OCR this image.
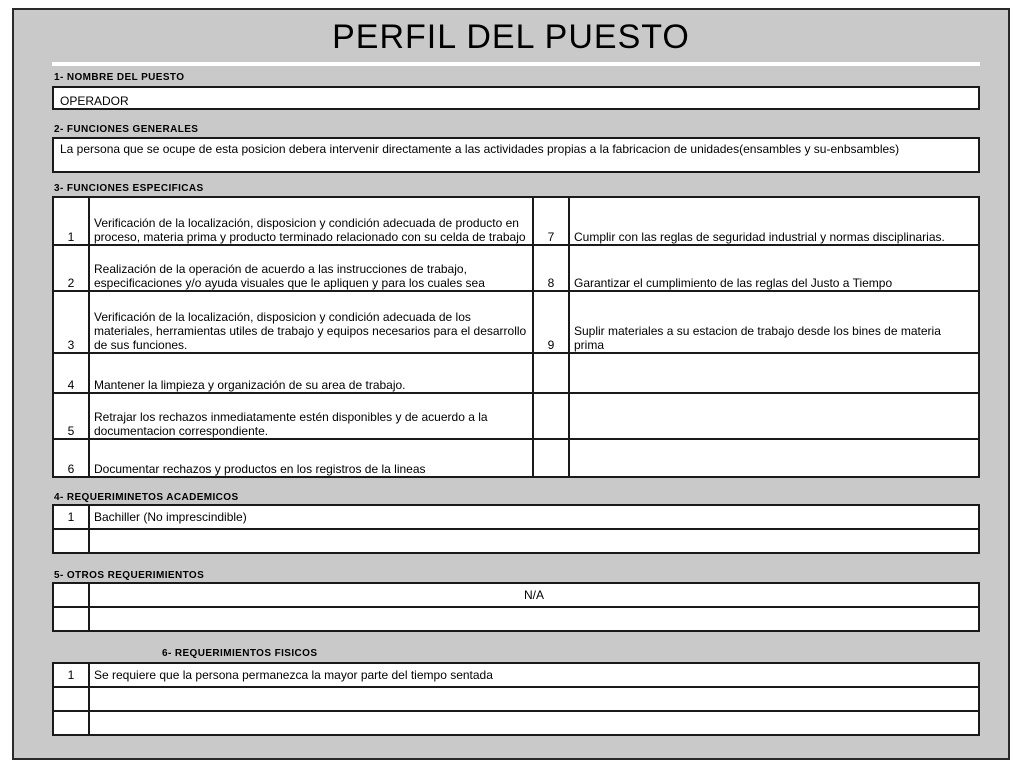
PERFIL DEL PUESTO
1- NOMBRE DEL PUESTO
OPERADOR
2- FUNCIONES GENERALES
La persona que se ocupe de esta posicion debera intervenir directamente a las actividades propias a la fabricacion de unidades(ensambles y su-enbsambles)
3- FUNCIONES ESPECIFICAS
1	Verificación de la localización, disposicion y condición adecuada de producto en proceso, materia prima y producto terminado relacionado con su celda de trabajo	7	Cumplir con las reglas de seguridad industrial y normas disciplinarias.
2	Realización de la operación de acuerdo a las instrucciones de trabajo, especificaciones y/o ayuda visuales que le apliquen y para los cuales sea	8	Garantizar el cumplimiento de las reglas del Justo a Tiempo
3	Verificación de la localización, disposicion y condición adecuada de los materiales, herramientas utiles de trabajo y equipos necesarios para el desarrollo de sus funciones.	9	Suplir materiales a su estacion de trabajo desde los bines de materia prima
4	Mantener la limpieza y organización de su area de trabajo.		
5	Retrajar los rechazos inmediatamente estén disponibles y de acuerdo a la documentacion correspondiente.		
6	Documentar rechazos y productos en los registros de la lineas		
4- REQUERIMINETOS ACADEMICOS
1	Bachiller (No imprescindible)

5- OTROS REQUERIMIENTOS
	N/A

6- REQUERIMIENTOS FISICOS
1	Se requiere que la persona permanezca la mayor parte del tiempo sentada
